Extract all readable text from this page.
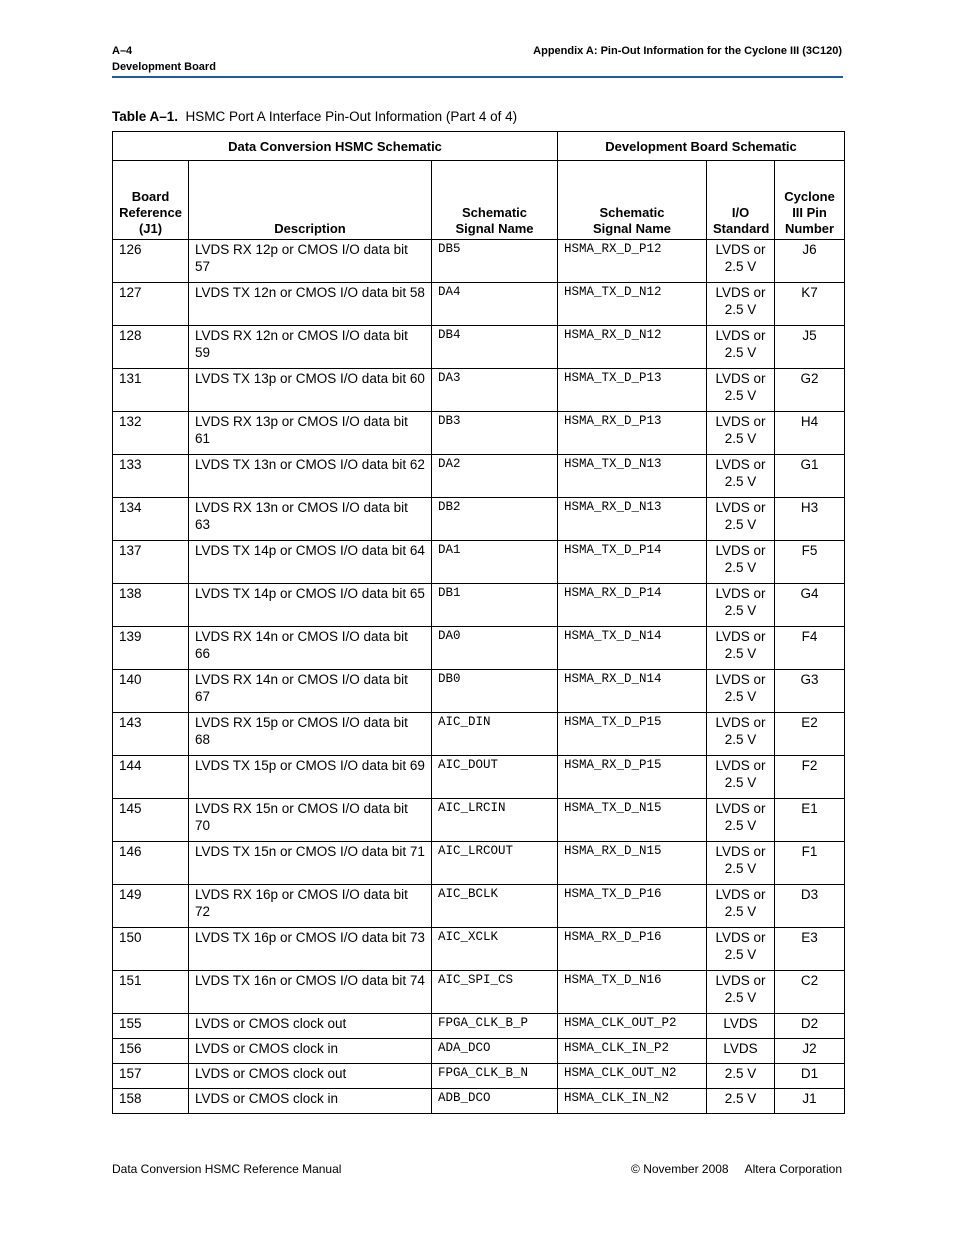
A–4
Development Board
Appendix A: Pin-Out Information for the Cyclone III (3C120)
Table A–1. HSMC Port A Interface Pin-Out Information (Part 4 of 4)
Data Conversion HSMC Schematic			Development Board Schematic		
Board Reference (J1)	Description	Schematic Signal Name	Schematic Signal Name	I/O Standard	Cyclone III Pin Number
126	LVDS RX 12p or CMOS I/O data bit 57	DB5	HSMA_RX_D_P12	LVDS or 2.5 V	J6
127	LVDS TX 12n or CMOS I/O data bit 58	DA4	HSMA_TX_D_N12	LVDS or 2.5 V	K7
128	LVDS RX 12n or CMOS I/O data bit 59	DB4	HSMA_RX_D_N12	LVDS or 2.5 V	J5
131	LVDS TX 13p or CMOS I/O data bit 60	DA3	HSMA_TX_D_P13	LVDS or 2.5 V	G2
132	LVDS RX 13p or CMOS I/O data bit 61	DB3	HSMA_RX_D_P13	LVDS or 2.5 V	H4
133	LVDS TX 13n or CMOS I/O data bit 62	DA2	HSMA_TX_D_N13	LVDS or 2.5 V	G1
134	LVDS RX 13n or CMOS I/O data bit 63	DB2	HSMA_RX_D_N13	LVDS or 2.5 V	H3
137	LVDS TX 14p or CMOS I/O data bit 64	DA1	HSMA_TX_D_P14	LVDS or 2.5 V	F5
138	LVDS TX 14p or CMOS I/O data bit 65	DB1	HSMA_RX_D_P14	LVDS or 2.5 V	G4
139	LVDS RX 14n or CMOS I/O data bit 66	DA0	HSMA_TX_D_N14	LVDS or 2.5 V	F4
140	LVDS RX 14n or CMOS I/O data bit 67	DB0	HSMA_RX_D_N14	LVDS or 2.5 V	G3
143	LVDS RX 15p or CMOS I/O data bit 68	AIC_DIN	HSMA_TX_D_P15	LVDS or 2.5 V	E2
144	LVDS TX 15p or CMOS I/O data bit 69	AIC_DOUT	HSMA_RX_D_P15	LVDS or 2.5 V	F2
145	LVDS RX 15n or CMOS I/O data bit 70	AIC_LRCIN	HSMA_TX_D_N15	LVDS or 2.5 V	E1
146	LVDS TX 15n or CMOS I/O data bit 71	AIC_LRCOUT	HSMA_RX_D_N15	LVDS or 2.5 V	F1
149	LVDS RX 16p or CMOS I/O data bit 72	AIC_BCLK	HSMA_TX_D_P16	LVDS or 2.5 V	D3
150	LVDS TX 16p or CMOS I/O data bit 73	AIC_XCLK	HSMA_RX_D_P16	LVDS or 2.5 V	E3
151	LVDS TX 16n or CMOS I/O data bit 74	AIC_SPI_CS	HSMA_TX_D_N16	LVDS or 2.5 V	C2
155	LVDS or CMOS clock out	FPGA_CLK_B_P	HSMA_CLK_OUT_P2	LVDS	D2
156	LVDS or CMOS clock in	ADA_DCO	HSMA_CLK_IN_P2	LVDS	J2
157	LVDS or CMOS clock out	FPGA_CLK_B_N	HSMA_CLK_OUT_N2	2.5 V	D1
158	LVDS or CMOS clock in	ADB_DCO	HSMA_CLK_IN_N2	2.5 V	J1
Data Conversion HSMC Reference Manual	© November 2008 Altera Corporation
